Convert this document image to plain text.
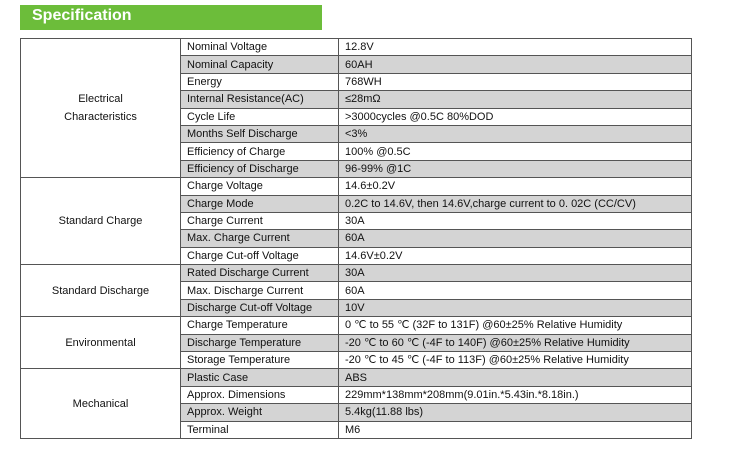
Specification
Electrical
Characteristics	Nominal Voltage	12.8V
	Nominal Capacity	60AH
	Energy	768WH
	Internal Resistance(AC)	≤28mΩ
	Cycle Life	>3000cycles @0.5C 80%DOD
	Months Self Discharge	<3%
	Efficiency of Charge	100% @0.5C
	Efficiency of Discharge	96-99% @1C

Standard Charge	Charge Voltage	14.6±0.2V
	Charge Mode	0.2C to 14.6V, then 14.6V,charge current to 0. 02C (CC/CV)
	Charge Current	30A
	Max. Charge Current	60A
	Charge Cut-off Voltage	14.6V±0.2V

Standard Discharge	Rated Discharge Current	30A
	Max. Discharge Current	60A
	Discharge Cut-off Voltage	10V

Environmental	Charge Temperature	0 ℃ to 55 ℃ (32F to 131F) @60±25% Relative Humidity
	Discharge Temperature	-20 ℃ to 60 ℃ (-4F to 140F) @60±25% Relative Humidity
	Storage Temperature	-20 ℃ to 45 ℃ (-4F to 113F) @60±25% Relative Humidity

Mechanical	Plastic Case	ABS
	Approx. Dimensions	229mm*138mm*208mm(9.01in.*5.43in.*8.18in.)
	Approx. Weight	5.4kg(11.88 lbs)
	Terminal	M6
